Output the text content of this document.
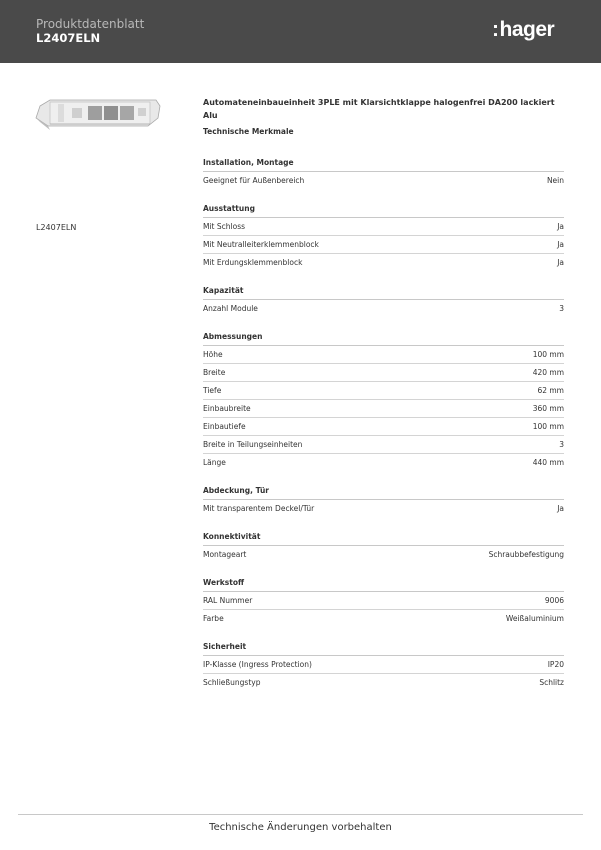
Produktdatenblatt
L2407ELN	:hager
L2407ELN
Automateneinbaueinheit 3PLE mit Klarsichtklappe halogenfrei DA200 lackiert Alu
Technische Merkmale
Installation, Montage
Geeignet für Außenbereich	Nein
Ausstattung
Mit Schloss	Ja
Mit Neutralleiterklemmenblock	Ja
Mit Erdungsklemmenblock	Ja
Kapazität
Anzahl Module	3
Abmessungen
Höhe	100 mm
Breite	420 mm
Tiefe	62 mm
Einbaubreite	360 mm
Einbautiefe	100 mm
Breite in Teilungseinheiten	3
Länge	440 mm
Abdeckung, Tür
Mit transparentem Deckel/Tür	Ja
Konnektivität
Montageart	Schraubbefestigung
Werkstoff
RAL Nummer	9006
Farbe	Weißaluminium
Sicherheit
IP-Klasse (Ingress Protection)	IP20
Schließungstyp	Schlitz
Technische Änderungen vorbehalten
